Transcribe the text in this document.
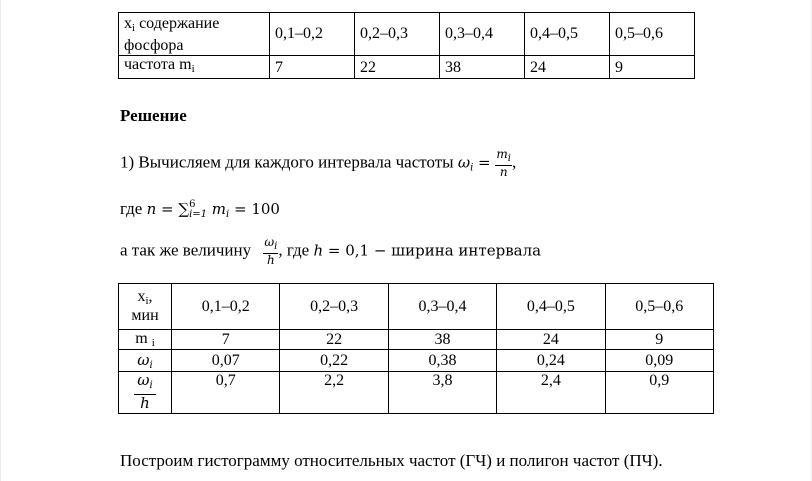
$x_i$ содержание фосфора	0,1–0,2	0,2–0,3	0,3–0,4	0,4–0,5	0,5–0,6
частота $m_i$	7	22	38	24	9
Решение
1) Вычисляем для каждого интервала частоты $\omega i = \frac{m_i}{n}$ ,
где n = ∑ 6
i=1 mi = 100
а так же величину $\frac{\omega_i}{h}$ , где h = 0,1 − ширина интервала
$x_i$,
мин	0,1–0,2	0,2–0,3	0,3–0,4	0,4–0,5	0,5–0,6
m $_i$	7	22	38	24	9
ωi	0,07	0,22	0,38	0,24	0,09

$\frac{\omega_i}{h}$	0,7	2,2	3,8	2,4	0,9
Построим гистограмму относительных частот (ГЧ) и полигон частот (ПЧ).
